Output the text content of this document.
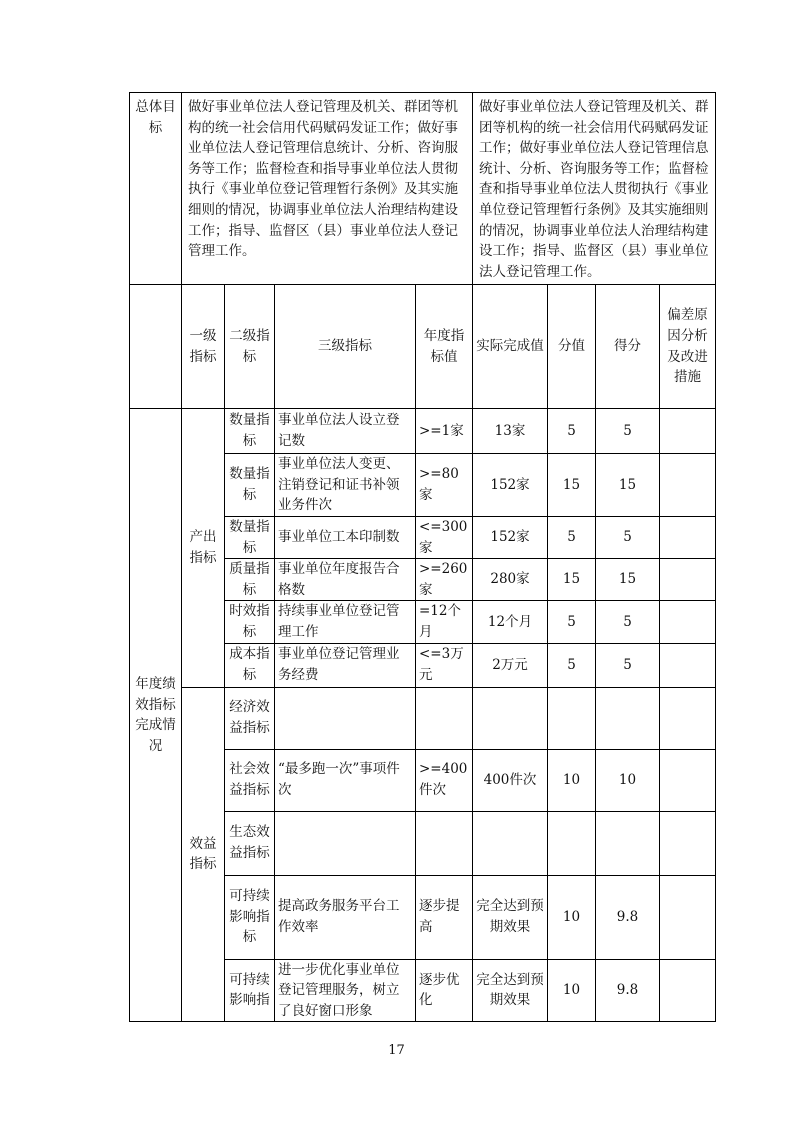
总体目标	做好事业单位法人登记管理及机关、群团等机构的统一社会信用代码赋码发证工作；做好事业单位法人登记管理信息统计、分析、咨询服务等工作；监督检查和指导事业单位法人贯彻执行《事业单位登记管理暂行条例》及其实施细则的情况，协调事业单位法人治理结构建设工作；指导、监督区（县）事业单位法人登记管理工作。				做好事业单位法人登记管理及机关、群团等机构的统一社会信用代码赋码发证工作；做好事业单位法人登记管理信息统计、分析、咨询服务等工作；监督检查和指导事业单位法人贯彻执行《事业单位登记管理暂行条例》及其实施细则的情况，协调事业单位法人治理结构建设工作；指导、监督区（县）事业单位法人登记管理工作。			
	一级指标	二级指标	三级指标	年度指标值	实际完成值	分值	得分	偏差原因分析及改进措施
年度绩效指标完成情况	产出指标	数量指标	事业单位法人设立登记数	>=1家	13家	5	5	
		数量指标	事业单位法人变更、注销登记和证书补领业务件次	>=80家	152家	15	15	
		数量指标	事业单位工本印制数	<=300家	152家	5	5	
		质量指标	事业单位年度报告合格数	>=260家	280家	15	15	
		时效指标	持续事业单位登记管理工作	=12个月	12个月	5	5	
		成本指标	事业单位登记管理业务经费	<=3万元	2万元	5	5	
	效益指标	经济效益指标						
		社会效益指标	“最多跑一次”事项件次	>=400件次	400件次	10	10	
		生态效益指标						
		可持续影响指标	提高政务服务平台工作效率	逐步提高	完全达到预期效果	10	9.8	
		可持续影响指	进一步优化事业单位登记管理服务，树立了良好窗口形象	逐步优化	完全达到预期效果	10	9.8	
17
